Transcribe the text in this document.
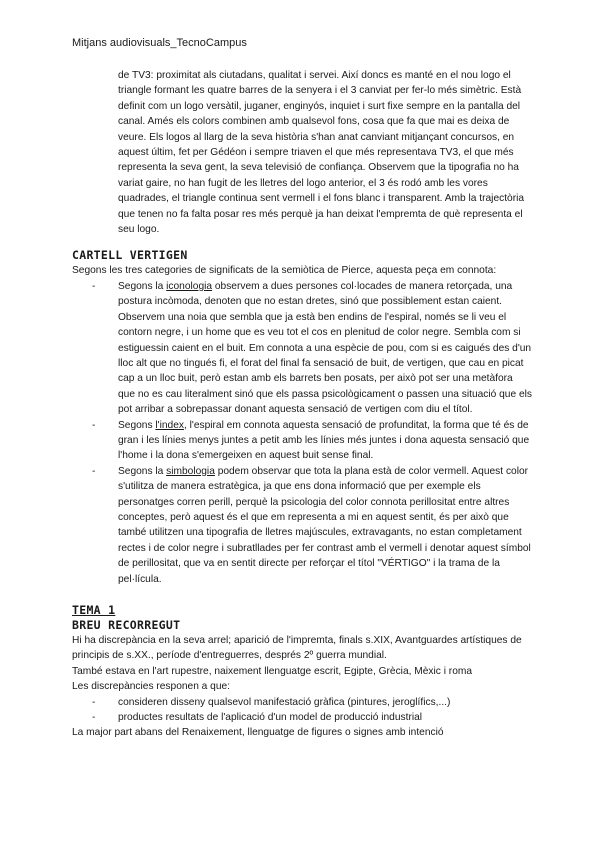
Mitjans audiovisuals_TecnoCampus

de TV3: proximitat als ciutadans, qualitat i servei. Així doncs es manté en el nou logo el triangle formant les quatre barres de la senyera i el 3 canviat per fer-lo més simètric. Està definit com un logo versàtil, juganer, enginyós, inquiet i surt fixe sempre en la pantalla del canal. Amés els colors combinen amb qualsevol fons, cosa que fa que mai es deixa de veure. Els logos al llarg de la seva història s'han anat canviant mitjançant concursos, en aquest últim, fet per Gédéon i sempre triaven el que més representava TV3, el que més representa la seva gent, la seva televisió de confiança. Observem que la tipografia no ha variat gaire, no han fugit de les lletres del logo anterior, el 3 és rodó amb les vores quadrades, el triangle continua sent vermell i el fons blanc i transparent. Amb la trajectòria que tenen no fa falta posar res més perquè ja han deixat l'empremta de què representa el seu logo.

CARTELL VERTIGEN

Segons les tres categories de significats de la semiòtica de Pierce, aquesta peça em connota:

- Segons la iconologia observem a dues persones col·locades de manera retorçada, una postura incòmoda, denoten que no estan dretes, sinó que possiblement estan caient. Observem una noia que sembla que ja està ben endins de l'espiral, només se li veu el contorn negre, i un home que es veu tot el cos en plenitud de color negre. Sembla com si estiguessin caient en el buit. Em connota a una espècie de pou, com si es caigués des d'un lloc alt que no tingués fi, el forat del final fa sensació de buit, de vertigen, que cau en picat cap a un lloc buit, però estan amb els barrets ben posats, per això pot ser una metàfora que no es cau literalment sinó que els passa psicològicament o passen una situació que els pot arribar a sobrepassar donant aquesta sensació de vertigen com diu el títol.
- Segons l'index, l'espiral em connota aquesta sensació de profunditat, la forma que té és de gran i les línies menys juntes a petit amb les línies més juntes i dona aquesta sensació que l'home i la dona s'emergeixen en aquest buit sense final.
- Segons la simbologia podem observar que tota la plana està de color vermell. Aquest color s'utilitza de manera estratègica, ja que ens dona informació que per exemple els personatges corren perill, perquè la psicologia del color connota perillositat entre altres conceptes, però aquest és el que em representa a mi en aquest sentit, és per això que també utilitzen una tipografia de lletres majúscules, extravagants, no estan completament rectes i de color negre i subratllades per fer contrast amb el vermell i denotar aquest símbol de perillositat, que va en sentit directe per reforçar el títol "VÉRTIGO" i la trama de la pel·lícula.
TEMA 1
BREU RECORREGUT

Hi ha discrepància en la seva arrel; aparició de l'impremta, finals s.XIX, Avantguardes artístiques de principis de s.XX., període d'entreguerres, després 2º guerra mundial.

També estava en l'art rupestre, naixement llenguatge escrit, Egipte, Grècia, Mèxic i roma

Les discrepàncies responen a que:

- consideren disseny qualsevol manifestació gràfica (pintures, jeroglífics,...)
- productes resultats de l'aplicació d'un model de producció industrial

La major part abans del Renaixement, llenguatge de figures o signes amb intenció
